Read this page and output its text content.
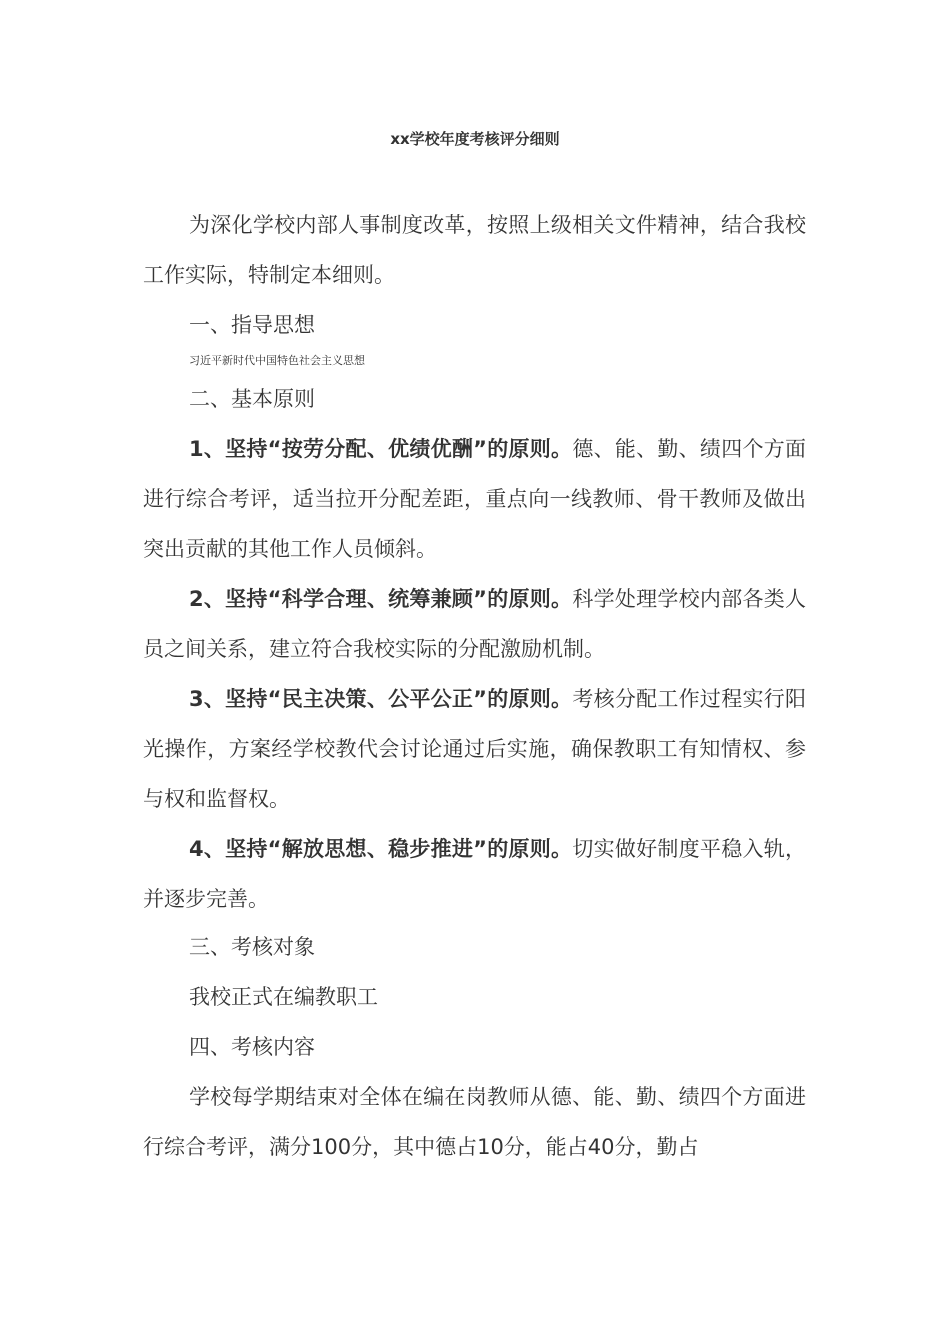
xx学校年度考核评分细则
为深化学校内部人事制度改革，按照上级相关文件精神，结合我校工作实际，特制定本细则。
一、指导思想
习近平新时代中国特色社会主义思想
二、基本原则
1、坚持“按劳分配、优绩优酬”的原则。德、能、勤、绩四个方面进行综合考评，适当拉开分配差距，重点向一线教师、骨干教师及做出突出贡献的其他工作人员倾斜。
2、坚持“科学合理、统筹兼顾”的原则。科学处理学校内部各类人员之间关系，建立符合我校实际的分配激励机制。
3、坚持“民主决策、公平公正”的原则。考核分配工作过程实行阳光操作，方案经学校教代会讨论通过后实施，确保教职工有知情权、参与权和监督权。
4、坚持“解放思想、稳步推进”的原则。切实做好制度平稳入轨，并逐步完善。
三、考核对象
我校正式在编教职工
四、考核内容
学校每学期结束对全体在编在岗教师从德、能、勤、绩四个方面进行综合考评，满分100分，其中德占10分，能占40分，勤占
